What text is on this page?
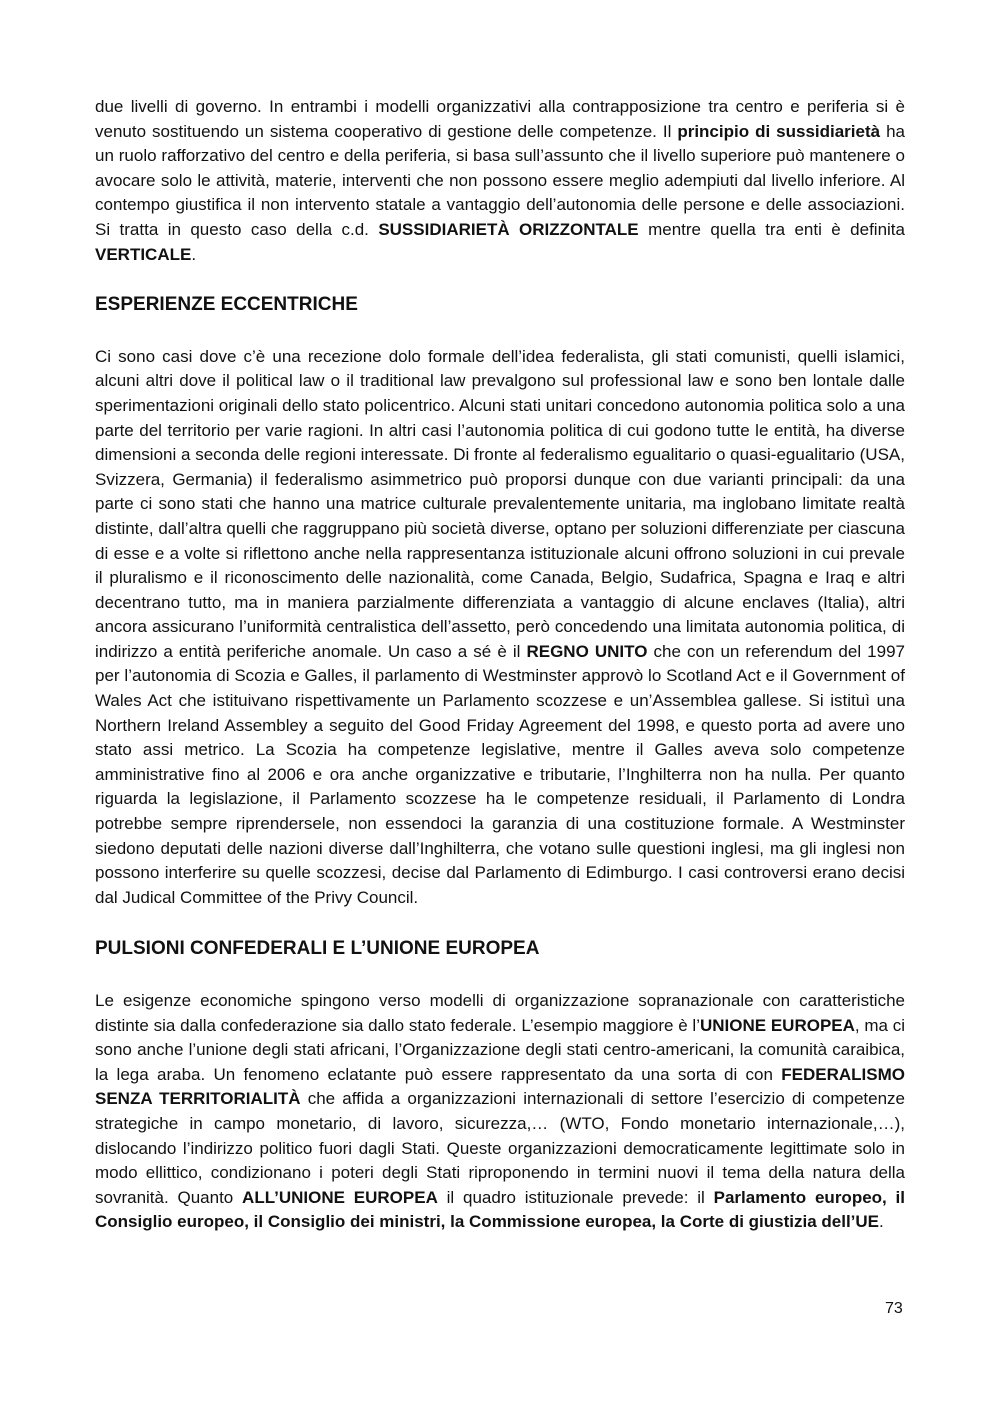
due livelli di governo. In entrambi i modelli organizzativi alla contrapposizione tra centro e periferia si è venuto sostituendo un sistema cooperativo di gestione delle competenze. Il principio di sussidiarietà ha un ruolo rafforzativo del centro e della periferia, si basa sull’assunto che il livello superiore può mantenere o avocare solo le attività, materie, interventi che non possono essere meglio adempiuti dal livello inferiore. Al contempo giustifica il non intervento statale a vantaggio dell’autonomia delle persone e delle associazioni. Si tratta in questo caso della c.d. SUSSIDIARIETÀ ORIZZONTALE mentre quella tra enti è definita VERTICALE.

ESPERIENZE ECCENTRICHE

Ci sono casi dove c’è una recezione dolo formale dell’idea federalista, gli stati comunisti, quelli islamici, alcuni altri dove il political law o il traditional law prevalgono sul professional law e sono ben lontale dalle sperimentazioni originali dello stato policentrico. Alcuni stati unitari concedono autonomia politica solo a una parte del territorio per varie ragioni. In altri casi l’autonomia politica di cui godono tutte le entità, ha diverse dimensioni a seconda delle regioni interessate. Di fronte al federalismo egualitario o quasi-egualitario (USA, Svizzera, Germania) il federalismo asimmetrico può proporsi dunque con due varianti principali: da una parte ci sono stati che hanno una matrice culturale prevalentemente unitaria, ma inglobano limitate realtà distinte, dall’altra quelli che raggruppano più società diverse, optano per soluzioni differenziate per ciascuna di esse e a volte si riflettono anche nella rappresentanza istituzionale alcuni offrono soluzioni in cui prevale il pluralismo e il riconoscimento delle nazionalità, come Canada, Belgio, Sudafrica, Spagna e Iraq e altri decentrano tutto, ma in maniera parzialmente differenziata a vantaggio di alcune enclaves (Italia), altri ancora assicurano l’uniformità centralistica dell’assetto, però concedendo una limitata autonomia politica, di indirizzo a entità periferiche anomale. Un caso a sé è il REGNO UNITO che con un referendum del 1997 per l’autonomia di Scozia e Galles, il parlamento di Westminster approvò lo Scotland Act e il Government of Wales Act che istituivano rispettivamente un Parlamento scozzese e un’Assemblea gallese. Si istituì una Northern Ireland Assembley a seguito del Good Friday Agreement del 1998, e questo porta ad avere uno stato assi metrico. La Scozia ha competenze legislative, mentre il Galles aveva solo competenze amministrative fino al 2006 e ora anche organizzative e tributarie, l’Inghilterra non ha nulla. Per quanto riguarda la legislazione, il Parlamento scozzese ha le competenze residuali, il Parlamento di Londra potrebbe sempre riprendersele, non essendoci la garanzia di una costituzione formale. A Westminster siedono deputati delle nazioni diverse dall’Inghilterra, che votano sulle questioni inglesi, ma gli inglesi non possono interferire su quelle scozzesi, decise dal Parlamento di Edimburgo. I casi controversi erano decisi dal Judical Committee of the Privy Council.

PULSIONI CONFEDERALI E L’UNIONE EUROPEA

Le esigenze economiche spingono verso modelli di organizzazione sopranazionale con caratteristiche distinte sia dalla confederazione sia dallo stato federale. L’esempio maggiore è l’UNIONE EUROPEA, ma ci sono anche l’unione degli stati africani, l’Organizzazione degli stati centro-americani, la comunità caraibica, la lega araba. Un fenomeno eclatante può essere rappresentato da una sorta di con FEDERALISMO SENZA TERRITORIALITÀ che affida a organizzazioni internazionali di settore l’esercizio di competenze strategiche in campo monetario, di lavoro, sicurezza,… (WTO, Fondo monetario internazionale,…), dislocando l’indirizzo politico fuori dagli Stati. Queste organizzazioni democraticamente legittimate solo in modo ellittico, condizionano i poteri degli Stati riproponendo in termini nuovi il tema della natura della sovranità. Quanto ALL’UNIONE EUROPEA il quadro istituzionale prevede: il Parlamento europeo, il Consiglio europeo, il Consiglio dei ministri, la Commissione europea, la Corte di giustizia dell’UE.

73
